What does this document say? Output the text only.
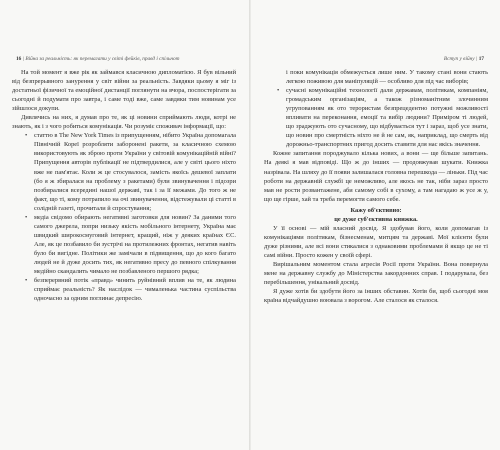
16 | Війна за реальність: як перемагати у світі фейків, правд і спільнот

На той момент я вже рік як займався класичною дипломатією. Я був вільний від безпрерывного занурення у світ війни за реальність. Завдяки цьому я міг із достатньої фізичної та емоційної дистанції поглянути на вчора, поспостерігати за сьогодні й подумати про завтра, і саме тоді вже, саме завдяки тим новинам усе зійшлося докупи.

Дивлячись на них, я думав про те, як ці новини сприймають люди, котрі не знають, як і з чого робиться комунікація. Чи розуміє споживач інформації, що:

• статтю в The New York Times із припущенням, нібито Україна допомагала Північній Кореї розробляти заборонені ракети, за класичною схемою використовують як зброю проти України у світовій комунікаційній війні? Припущення авторів публікації не підтвердилися, але у світі цього ніхто вже не пам'ятає. Коли ж це стосувалося, замість якоїсь дешевої заплати (бо я ж збиралася на проблему з ракетами) були звинувачення і підозри позбиралися всередині нашої державі, так і за її межами. До того ж не факт, що ті, кому потрапило на очі звинувачення, відстежували ці статті в солідній газеті, прочитали й спростування;
• медіа свідомо обирають негативні заготовки для новин? За даними того самого джерела, попри низьку якість мобільного інтернету, Україна має швидкий широкосмуговий інтернет, кращий, ніж у деяких країнах ЄС. Але, як це позбавило би зустрічі на протилежних фронтах, негатив навіть було би вигідне. Політики же замічали в підвищення, що до кого багато людей не й дуже досить тих, як негативно пресу до певного спілкування медійно скандалить чимало не позбавленого першого рядка;
• безперервний потік «правд» чинить руйнівний вплив на те, як людина сприймає реальність? Як наслідок — чималенька частина суспільства одночасно за одним поглинає депресію.
Вступ у війну | 17
і поки комунікація обмежується лише ним. У такому стані вони стають легкою поживою для маніпуляцій — особливо для під час виборів;
• сучасні комунікаційні технології дали державам, політикам, компаніям, громадським організаціям, а також різноманітним злочинним угрупованням як ото терористам безпрецедентно потужні можливості впливати на переконання, емоції та вибір людини? Приміром ті людей, що зраджують ото сучасному, що відбувається тут і зараз, щоб усе знати, що новин про смертність ніхто не й не сам, як, наприклад, що смерть від дорожньо-транспортних пригод досить ставити для нас якісь значення.

Кожне запитання породжувало кілька нових, а вони — ще більше запитань. На деякі я мав відповіді. Що ж до інших — продовжував шукати. Книжка назрівала. На шляху до її появи залишалася головна перешкода — ліньки. Під час роботи на державній службі це неможливо, але якось не так, ніби зараз просто мав не рости розвантажене, аби самому собі в сухому, а там нагадаю ж усе ж у, що ще гірше, хай та треба перемогти самого себе.

Кажу об'єктивно:

це дуже суб'єктивна книжка.

У її основі — мій власний досвід. Я здобував його, коли допомагав із комунікаціями політикам, бізнесменам, митцям та державі. Мої клієнти були дуже різними, але всі вони стикалися з однаковими проблемами й якщо це не ті самі війни. Просто кожен у своїй сфері.

Вирішальним моментом стала агресія Росії проти України. Вона повернула мене на державну службу до Міністерства закордонних справ. І подарувала, без перебільшення, унікальний досвід.

Я дуже хотів би здобути його за інших обставин. Хотів би, щоб сьогодні моя країна відчайдушно воювала з ворогом. Але сталося як сталося.
